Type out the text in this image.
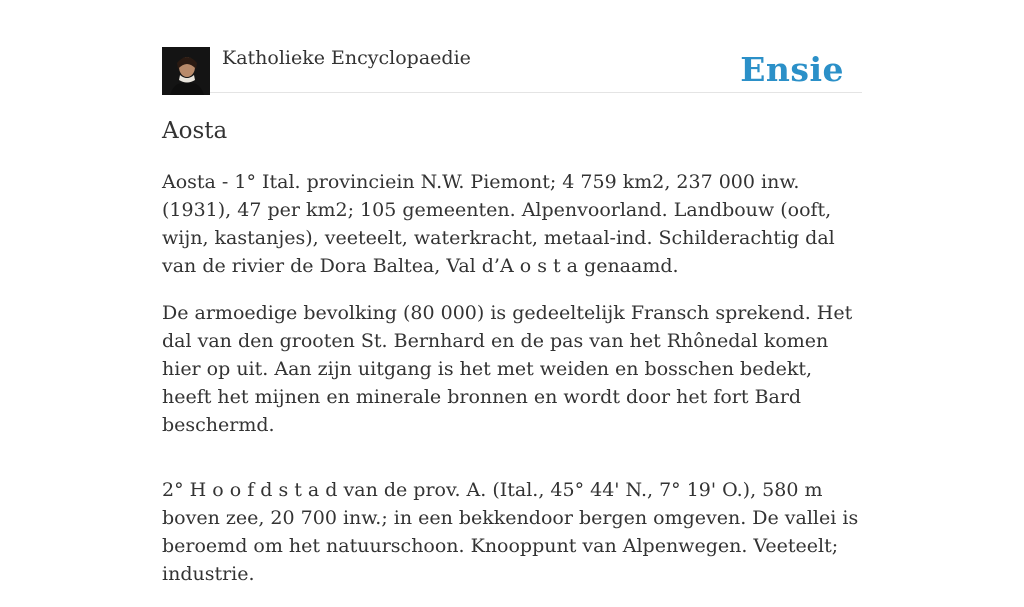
Katholieke Encyclopaedie	Ensie
Aosta

Aosta - 1° Ital. provinciein N.W. Piemont; 4 759 km2, 237 000 inw. (1931), 47 per km2; 105 gemeenten. Alpenvoorland. Landbouw (ooft, wijn, kastanjes), veeteelt, waterkracht, metaal-ind. Schilderachtig dal van de rivier de Dora Baltea, Val d’A o s t a genaamd.

De armoedige bevolking (80 000) is gedeeltelijk Fransch sprekend. Het dal van den grooten St. Bernhard en de pas van het Rhônedal komen hier op uit. Aan zijn uitgang is het met weiden en bosschen bedekt, heeft het mijnen en minerale bronnen en wordt door het fort Bard beschermd.

2° H o o f d s t a d van de prov. A. (Ital., 45° 44' N., 7° 19' O.), 580 m boven zee, 20 700 inw.; in een bekkendoor bergen omgeven. De vallei is beroemd om het natuurschoon. Knooppunt van Alpenwegen. Veeteelt; industrie.
